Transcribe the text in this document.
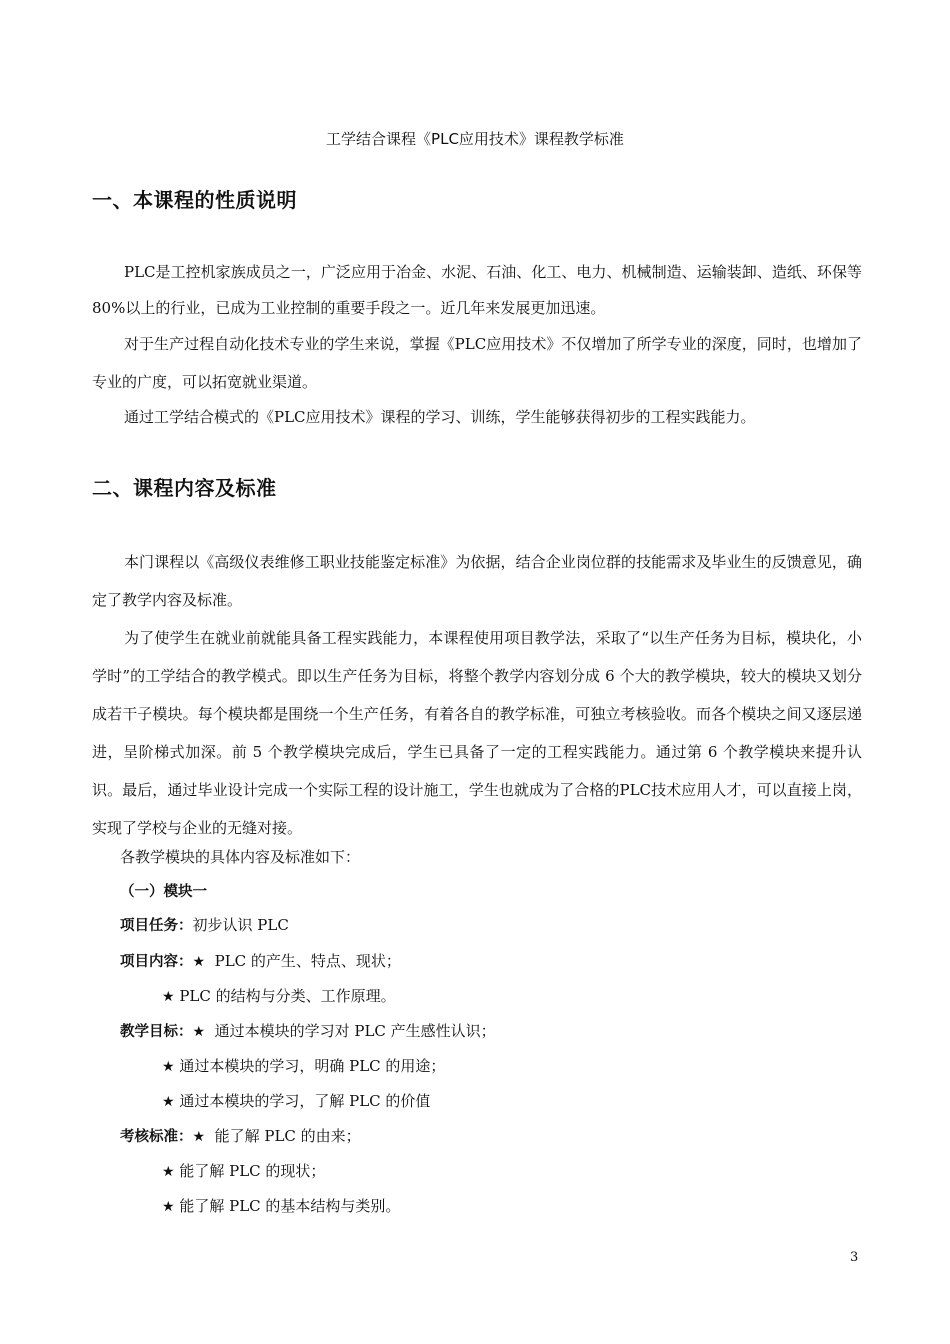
工学结合课程《PLC应用技术》课程教学标准
一、本课程的性质说明
PLC是工控机家族成员之一，广泛应用于冶金、水泥、石油、化工、电力、机械制造、运输装卸、造纸、环保等80%以上的行业，已成为工业控制的重要手段之一。近几年来发展更加迅速。
对于生产过程自动化技术专业的学生来说，掌握《PLC应用技术》不仅增加了所学专业的深度，同时，也增加了专业的广度，可以拓宽就业渠道。
通过工学结合模式的《PLC应用技术》课程的学习、训练，学生能够获得初步的工程实践能力。
二、课程内容及标准
本门课程以《高级仪表维修工职业技能鉴定标准》为依据，结合企业岗位群的技能需求及毕业生的反馈意见，确定了教学内容及标准。
为了使学生在就业前就能具备工程实践能力，本课程使用项目教学法，采取了“以生产任务为目标，模块化，小学时”的工学结合的教学模式。即以生产任务为目标，将整个教学内容划分成 6 个大的教学模块，较大的模块又划分成若干子模块。每个模块都是围绕一个生产任务，有着各自的教学标准，可独立考核验收。而各个模块之间又逐层递进，呈阶梯式加深。前 5 个教学模块完成后，学生已具备了一定的工程实践能力。通过第 6 个教学模块来提升认识。最后，通过毕业设计完成一个实际工程的设计施工，学生也就成为了合格的PLC技术应用人才，可以直接上岗，实现了学校与企业的无缝对接。
各教学模块的具体内容及标准如下：
（一）模块一
项目任务：初步认识 PLC
项目内容：★ PLC 的产生、特点、现状；
★ PLC 的结构与分类、工作原理。
教学目标：★ 通过本模块的学习对 PLC 产生感性认识；
★ 通过本模块的学习，明确 PLC 的用途；
★ 通过本模块的学习，了解 PLC 的价值
考核标准：★ 能了解 PLC 的由来；
★ 能了解 PLC 的现状；
★ 能了解 PLC 的基本结构与类别。
3
